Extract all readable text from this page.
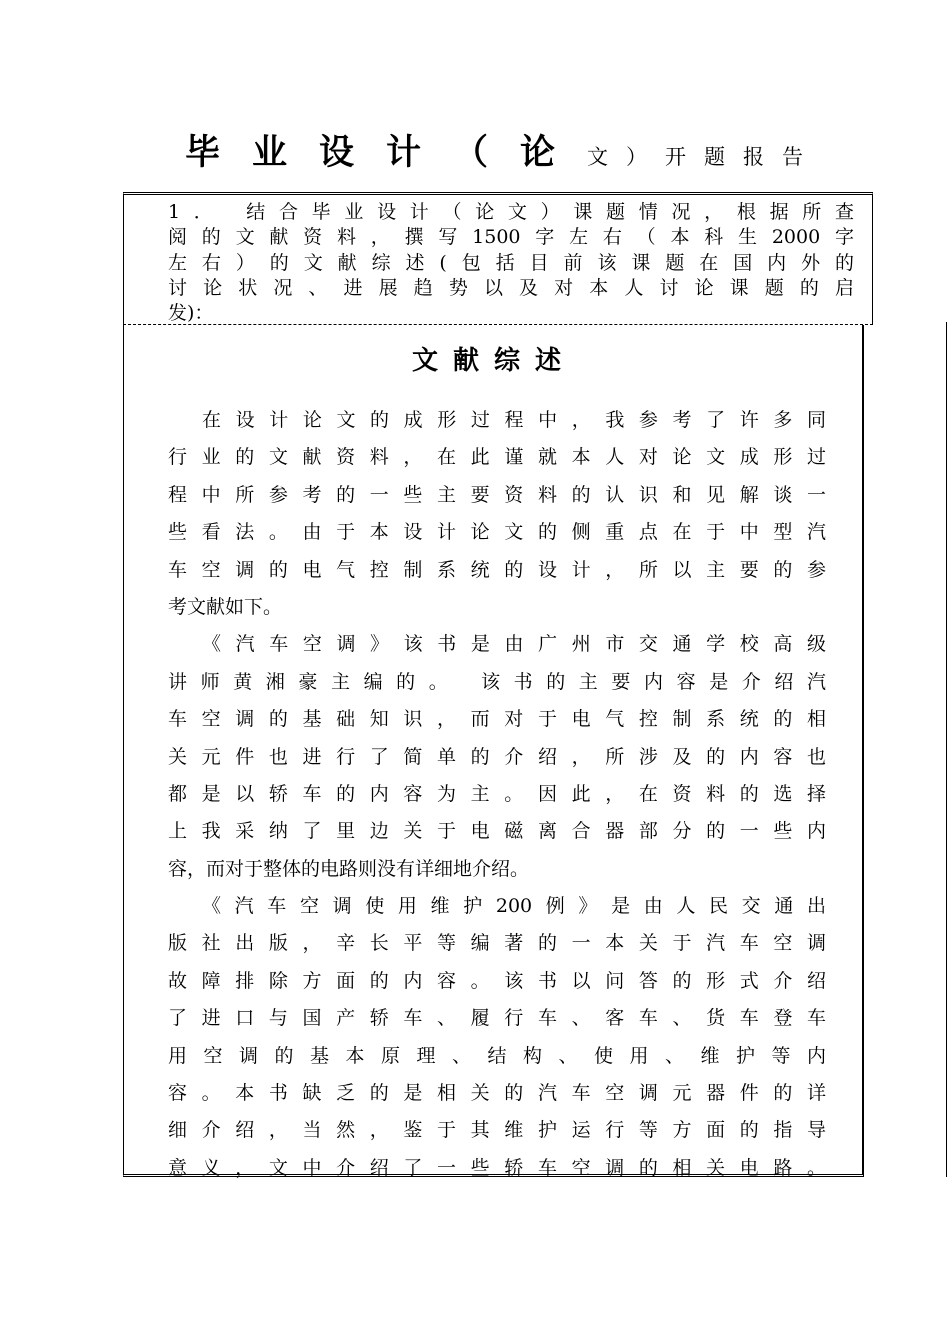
毕业设计（论文）开题报告
1． 结合毕业设计（论文）课题情况，根据所查
阅的文献资料，撰写1500字左右（本科生2000字
左右）的文献综述(包括目前该课题在国内外的
讨论状况、进展趋势以及对本人讨论课题的启
发)：
文献综述
在设计论文的成形过程中，我参考了许多同
行业的文献资料，在此谨就本人对论文成形过
程中所参考的一些主要资料的认识和见解谈一
些看法。由于本设计论文的侧重点在于中型汽
车空调的电气控制系统的设计，所以主要的参
考文献如下。
《汽车空调》该书是由广州市交通学校高级
讲师黄湘豪主编的。 该书的主要内容是介绍汽
车空调的基础知识，而对于电气控制系统的相
关元件也进行了简单的介绍，所涉及的内容也
都是以轿车的内容为主。因此，在资料的选择
上我采纳了里边关于电磁离合器部分的一些内
容，而对于整体的电路则没有详细地介绍。
《汽车空调使用维护200例》是由人民交通出
版社出版，辛长平等编著的一本关于汽车空调
故障排除方面的内容。该书以问答的形式介绍
了进口与国产轿车、履行车、客车、货车登车
用空调的基本原理、结构、使用、维护等内
容。本书缺乏的是相关的汽车空调元器件的详
细介绍，当然，鉴于其维护运行等方面的指导
意义，文中介绍了一些轿车空调的相关电路。
